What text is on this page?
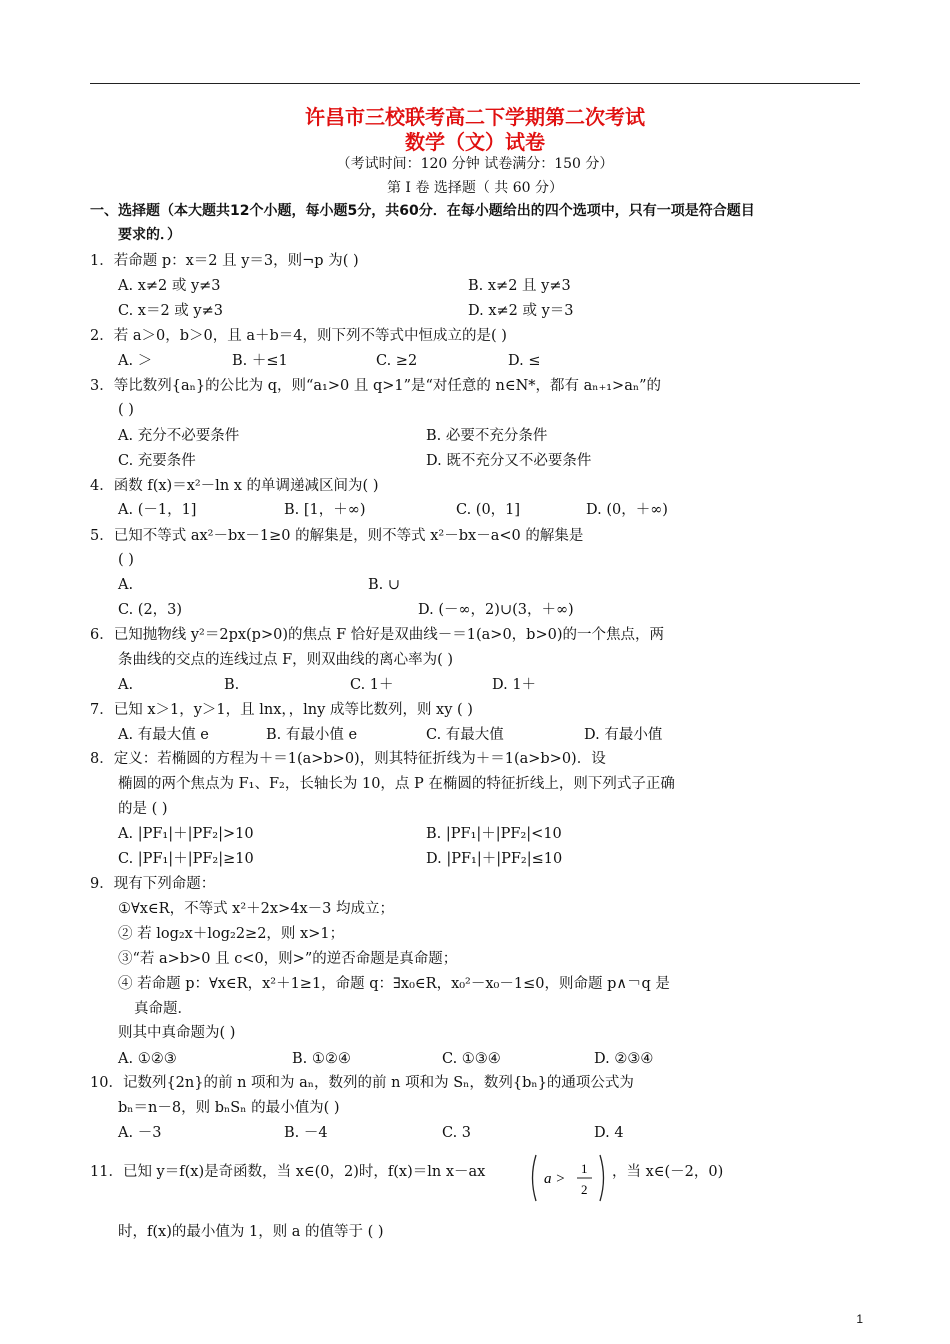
许昌市三校联考高二下学期第二次考试
数学（文）试卷
（考试时间：120 分钟 试卷满分：150 分）
第 I 卷 选择题（ 共 60 分）
一、选择题（本大题共12个小题，每小题5分，共60分．在每小题给出的四个选项中，只有一项是符合题目
要求的．）
1．若命题 p：x＝2 且 y＝3，则¬p 为( )
A. x≠2 或 y≠3	B. x≠2 且 y≠3
C. x＝2 或 y≠3	D. x≠2 或 y＝3
2．若 a＞0，b＞0，且 a＋b＝4，则下列不等式中恒成立的是( )
A. ＞	B. ＋≤1	C. ≥2	D. ≤
3．等比数列{aₙ}的公比为 q，则“a₁>0 且 q>1”是“对任意的 n∈N*，都有 aₙ₊₁>aₙ”的
( )
A. 充分不必要条件	B. 必要不充分条件
C. 充要条件	D. 既不充分又不必要条件
4．函数 f(x)＝x²－ln x 的单调递减区间为( )
A. (－1，1]	B. [1，＋∞)	C. (0，1]	D. (0，＋∞)
5．已知不等式 ax²－bx－1≥0 的解集是，则不等式 x²－bx－a<0 的解集是
( )
A.	B. ∪
C. (2，3)	D. (－∞，2)∪(3，＋∞)
6．已知抛物线 y²＝2px(p>0)的焦点 F 恰好是双曲线－＝1(a>0，b>0)的一个焦点，两
条曲线的交点的连线过点 F，则双曲线的离心率为( )
A.	B.	C. 1＋	D. 1＋
7．已知 x＞1，y＞1，且 lnx，，lny 成等比数列，则 xy ( )
A. 有最大值 e	B. 有最小值 e	C. 有最大值	D. 有最小值
8．定义：若椭圆的方程为＋＝1(a>b>0)，则其特征折线为＋＝1(a>b>0)．设
椭圆的两个焦点为 F₁、F₂，长轴长为 10，点 P 在椭圆的特征折线上，则下列式子正确
的是 ( )
A. |PF₁|＋|PF₂|>10	B. |PF₁|＋|PF₂|<10
C. |PF₁|＋|PF₂|≥10	D. |PF₁|＋|PF₂|≤10
9．现有下列命题：
①∀x∈R，不等式 x²＋2x>4x－3 均成立；
② 若 log₂x＋log₂2≥2，则 x>1；
③“若 a>b>0 且 c<0，则>”的逆否命题是真命题；
④ 若命题 p：∀x∈R，x²＋1≥1，命题 q：∃x₀∈R，x₀²－x₀－1≤0，则命题 p∧￢q 是
真命题．
则其中真命题为( )
A. ①②③	B. ①②④	C. ①③④	D. ②③④
10．记数列{2n}的前 n 项和为 aₙ，数列的前 n 项和为 Sₙ，数列{bₙ}的通项公式为
bₙ＝n－8，则 bₙSₙ 的最小值为( )
A. －3	B. －4	C. 3	D. 4
11．已知 y＝f(x)是奇函数，当 x∈(0，2)时，f(x)＝ln x－ax	a >
1
2
，当 x∈(－2，0)
时，f(x)的最小值为 1，则 a 的值等于 ( )
1
